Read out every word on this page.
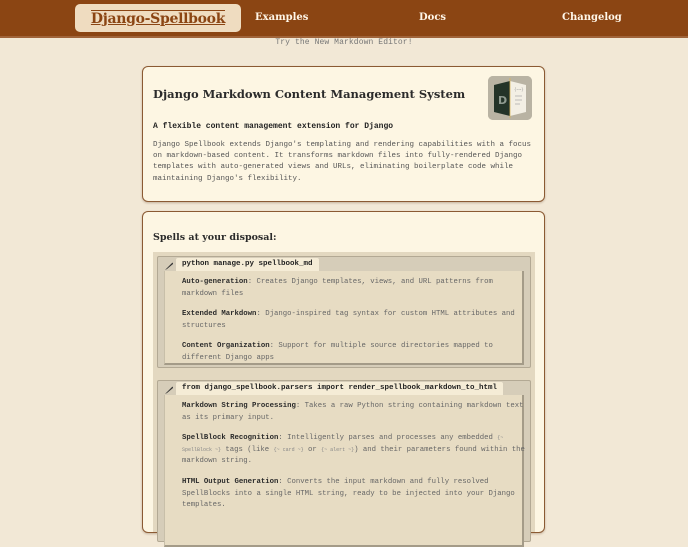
Django-Spellbook	Examples	Docs	Changelog
Try the New Markdown Editor!
Django Markdown Content Management System	D
{~~}
A flexible content management extension for Django
Django Spellbook extends Django's templating and rendering capabilities with a focus on markdown-based content. It transforms markdown files into fully-rendered Django templates with auto-generated views and URLs, eliminating boilerplate code while maintaining Django's flexibility.
Spells at your disposal:
python manage.py spellbook_md
Auto-generation: Creates Django templates, views, and URL patterns from markdown files
Extended Markdown: Django-inspired tag syntax for custom HTML attributes and structures
Content Organization: Support for multiple source directories mapped to different Django apps
from django_spellbook.parsers import render_spellbook_markdown_to_html
Markdown String Processing: Takes a raw Python string containing markdown text as its primary input.
SpellBlock Recognition: Intelligently parses and processes any embedded {~ SpellBlock ~} tags (like {~ card ~} or {~ alert ~}) and their parameters found within the markdown string.
HTML Output Generation: Converts the input markdown and fully resolved SpellBlocks into a single HTML string, ready to be injected into your Django templates.
